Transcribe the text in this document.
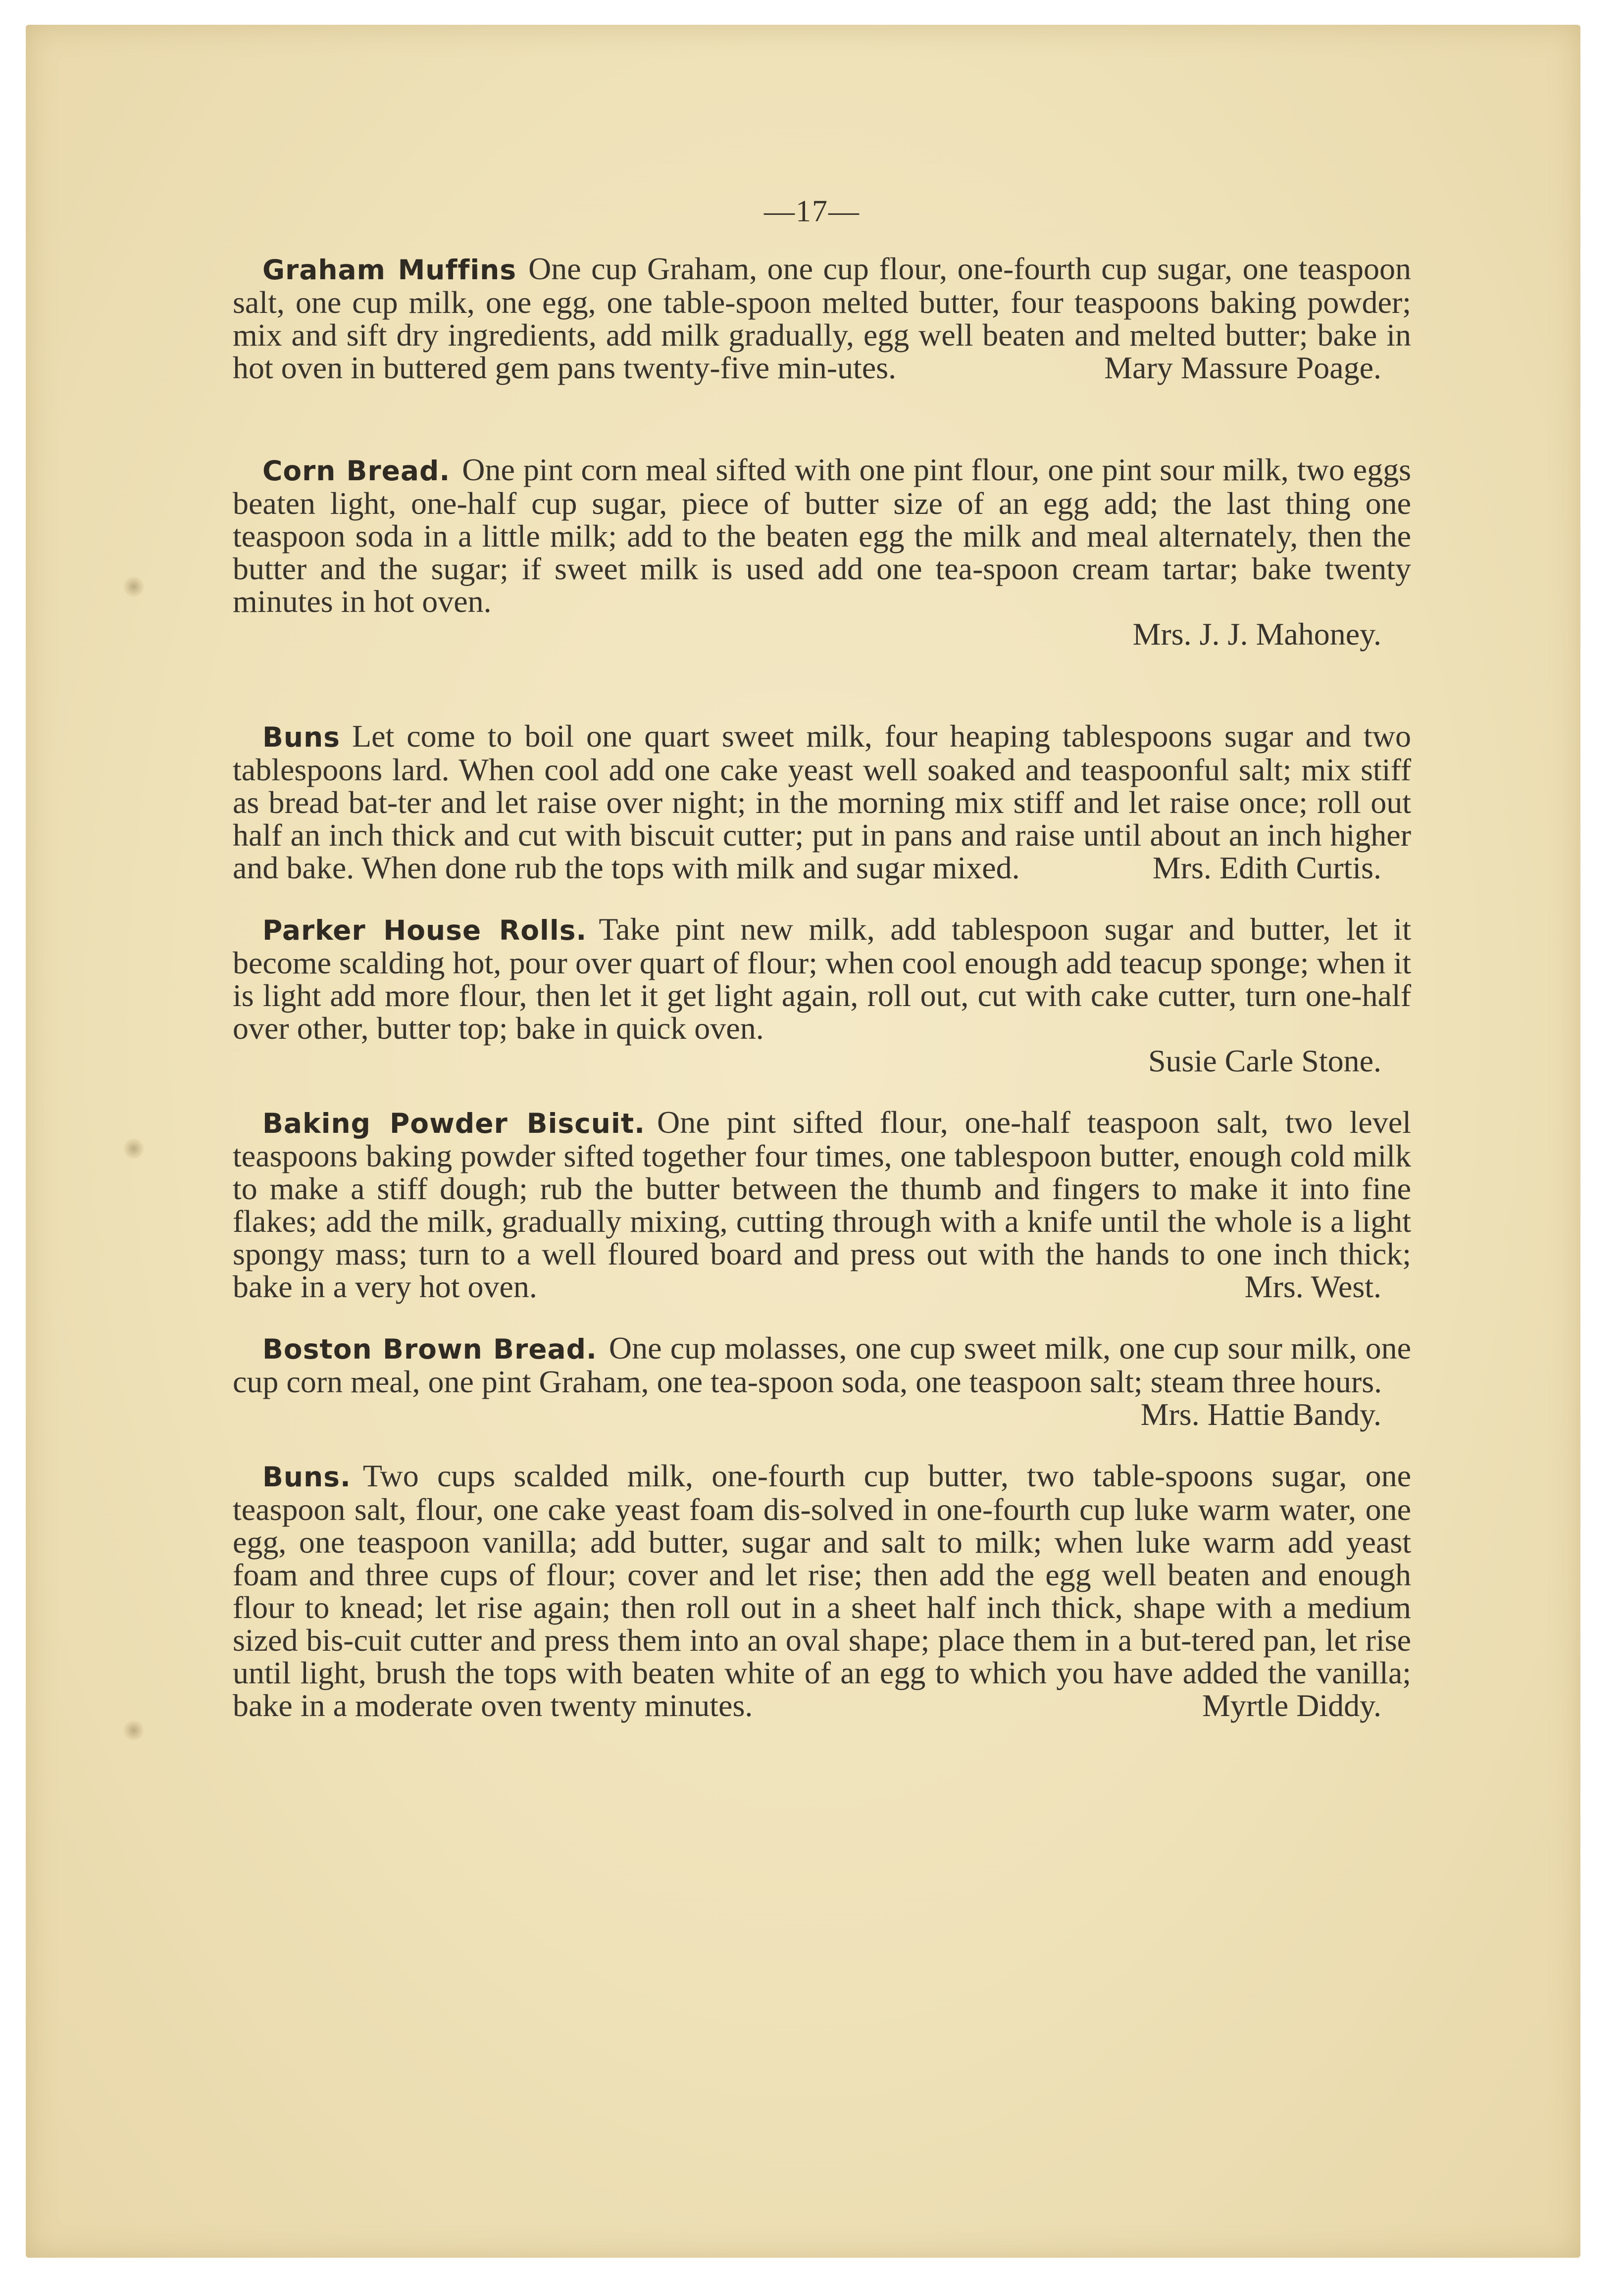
—17—

Graham Muffins One cup Graham, one cup flour, one-fourth cup sugar, one teaspoon salt, one cup milk, one egg, one table-spoon melted butter, four teaspoons baking powder; mix and sift dry ingredients, add milk gradually, egg well beaten and melted butter; bake in hot oven in buttered gem pans twenty-five min-utes.	Mary Massure Poage.

Corn Bread. One pint corn meal sifted with one pint flour, one pint sour milk, two eggs beaten light, one-half cup sugar, piece of butter size of an egg add; the last thing one teaspoon soda in a little milk; add to the beaten egg the milk and meal alternately, then the butter and the sugar; if sweet milk is used add one tea-spoon cream tartar; bake twenty minutes in hot oven.

Mrs. J. J. Mahoney.

Buns Let come to boil one quart sweet milk, four heaping tablespoons sugar and two tablespoons lard. When cool add one cake yeast well soaked and teaspoonful salt; mix stiff as bread bat-ter and let raise over night; in the morning mix stiff and let raise once; roll out half an inch thick and cut with biscuit cutter; put in pans and raise until about an inch higher and bake. When done rub the tops with milk and sugar mixed.	Mrs. Edith Curtis.

Parker House Rolls. Take pint new milk, add tablespoon sugar and butter, let it become scalding hot, pour over quart of flour; when cool enough add teacup sponge; when it is light add more flour, then let it get light again, roll out, cut with cake cutter, turn one-half over other, butter top; bake in quick oven.

Susie Carle Stone.

Baking Powder Biscuit. One pint sifted flour, one-half teaspoon salt, two level teaspoons baking powder sifted together four times, one tablespoon butter, enough cold milk to make a stiff dough; rub the butter between the thumb and fingers to make it into fine flakes; add the milk, gradually mixing, cutting through with a knife until the whole is a light spongy mass; turn to a well floured board and press out with the hands to one inch thick; bake in a very hot oven.	Mrs. West.

Boston Brown Bread. One cup molasses, one cup sweet milk, one cup sour milk, one cup corn meal, one pint Graham, one tea-spoon soda, one teaspoon salt; steam three hours.

Mrs. Hattie Bandy.

Buns. Two cups scalded milk, one-fourth cup butter, two table-spoons sugar, one teaspoon salt, flour, one cake yeast foam dis-solved in one-fourth cup luke warm water, one egg, one teaspoon vanilla; add butter, sugar and salt to milk; when luke warm add yeast foam and three cups of flour; cover and let rise; then add the egg well beaten and enough flour to knead; let rise again; then roll out in a sheet half inch thick, shape with a medium sized bis-cuit cutter and press them into an oval shape; place them in a but-tered pan, let rise until light, brush the tops with beaten white of an egg to which you have added the vanilla; bake in a moderate oven twenty minutes.	Myrtle Diddy.
